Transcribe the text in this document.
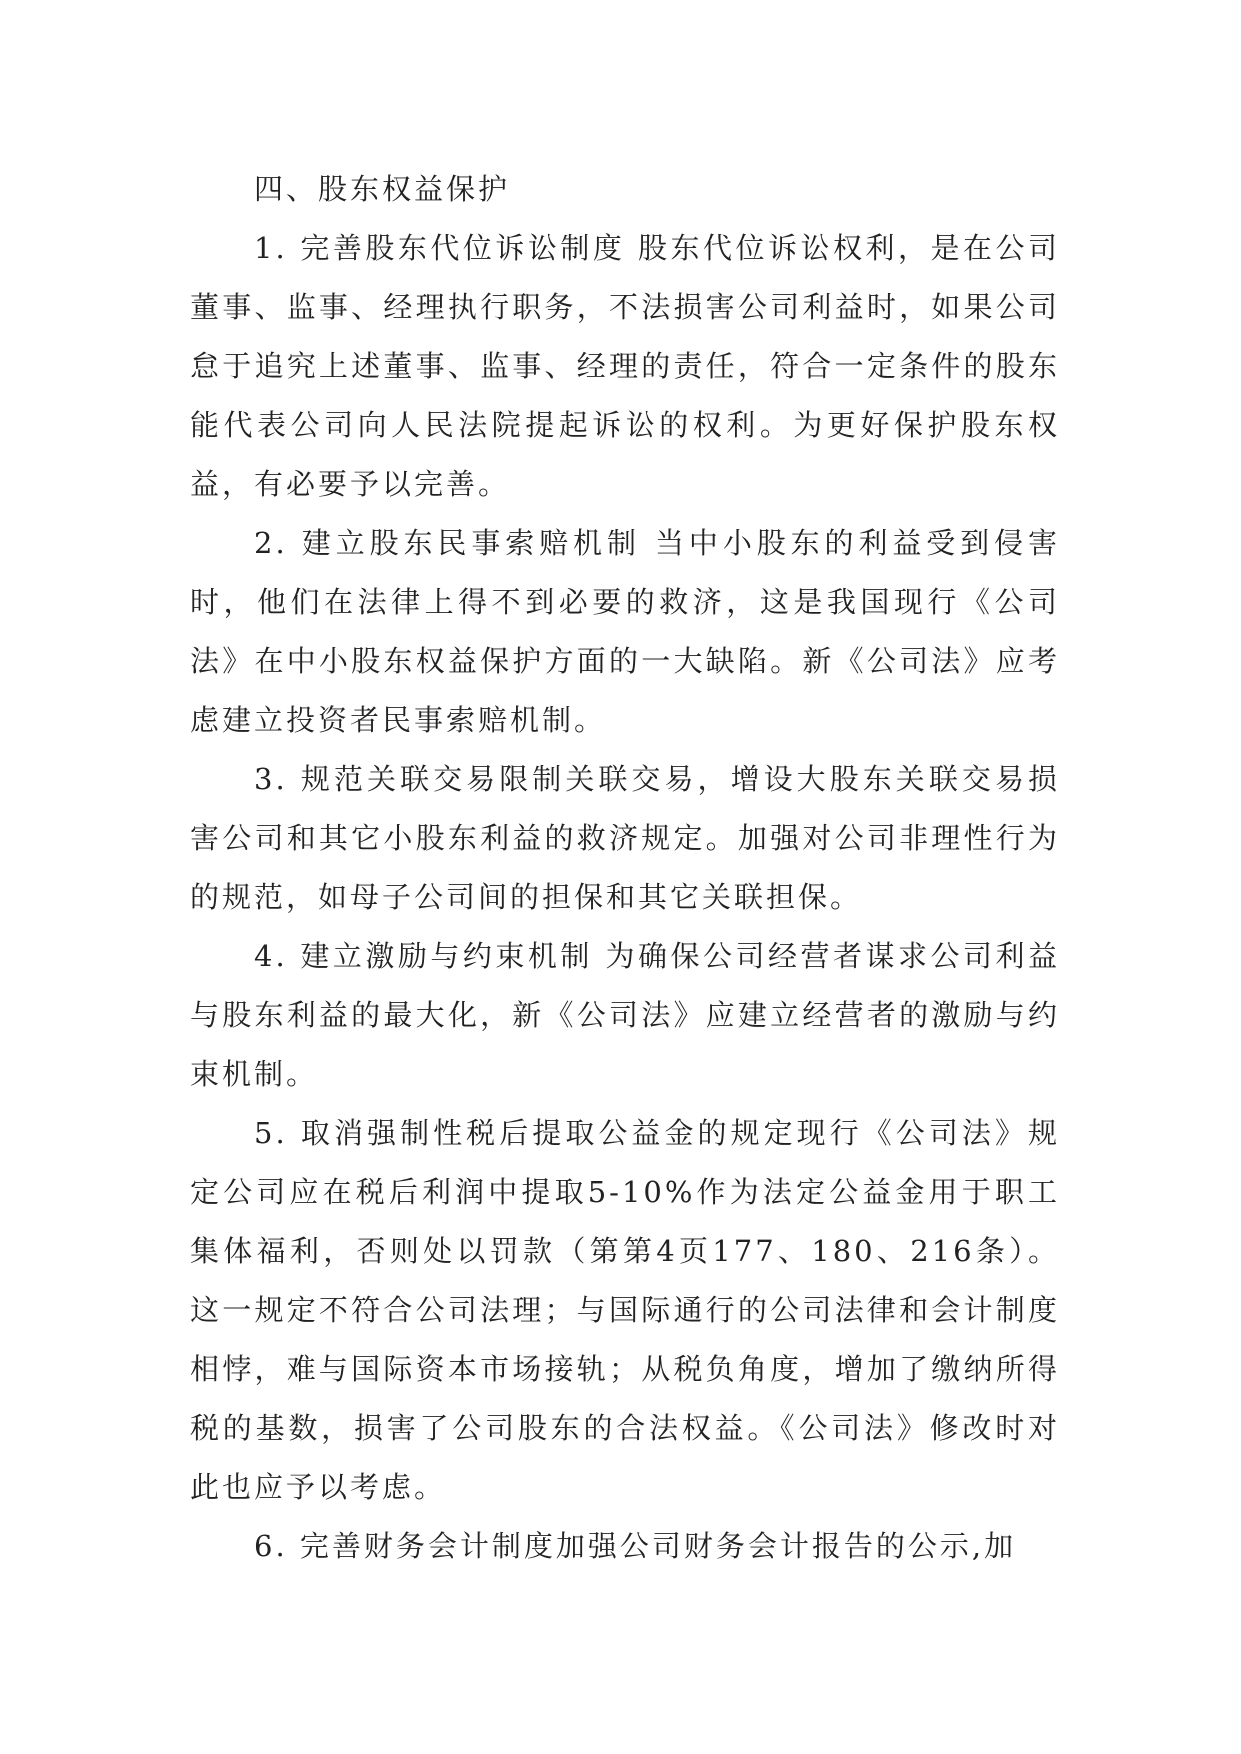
四、股东权益保护

1. 完善股东代位诉讼制度 股东代位诉讼权利，是在公司董事、监事、经理执行职务，不法损害公司利益时，如果公司怠于追究上述董事、监事、经理的责任，符合一定条件的股东能代表公司向人民法院提起诉讼的权利。为更好保护股东权益，有必要予以完善。

2. 建立股东民事索赔机制 当中小股东的利益受到侵害时，他们在法律上得不到必要的救济，这是我国现行《公司法》在中小股东权益保护方面的一大缺陷。新《公司法》应考虑建立投资者民事索赔机制。

3. 规范关联交易限制关联交易，增设大股东关联交易损害公司和其它小股东利益的救济规定。加强对公司非理性行为的规范，如母子公司间的担保和其它关联担保。

4. 建立激励与约束机制 为确保公司经营者谋求公司利益与股东利益的最大化，新《公司法》应建立经营者的激励与约束机制。

5. 取消强制性税后提取公益金的规定现行《公司法》规定公司应在税后利润中提取5-10%作为法定公益金用于职工集体福利，否则处以罚款（第第4页177、180、216条）。这一规定不符合公司法理；与国际通行的公司法律和会计制度相悖，难与国际资本市场接轨；从税负角度，增加了缴纳所得税的基数，损害了公司股东的合法权益。《公司法》修改时对此也应予以考虑。

6. 完善财务会计制度加强公司财务会计报告的公示,加
